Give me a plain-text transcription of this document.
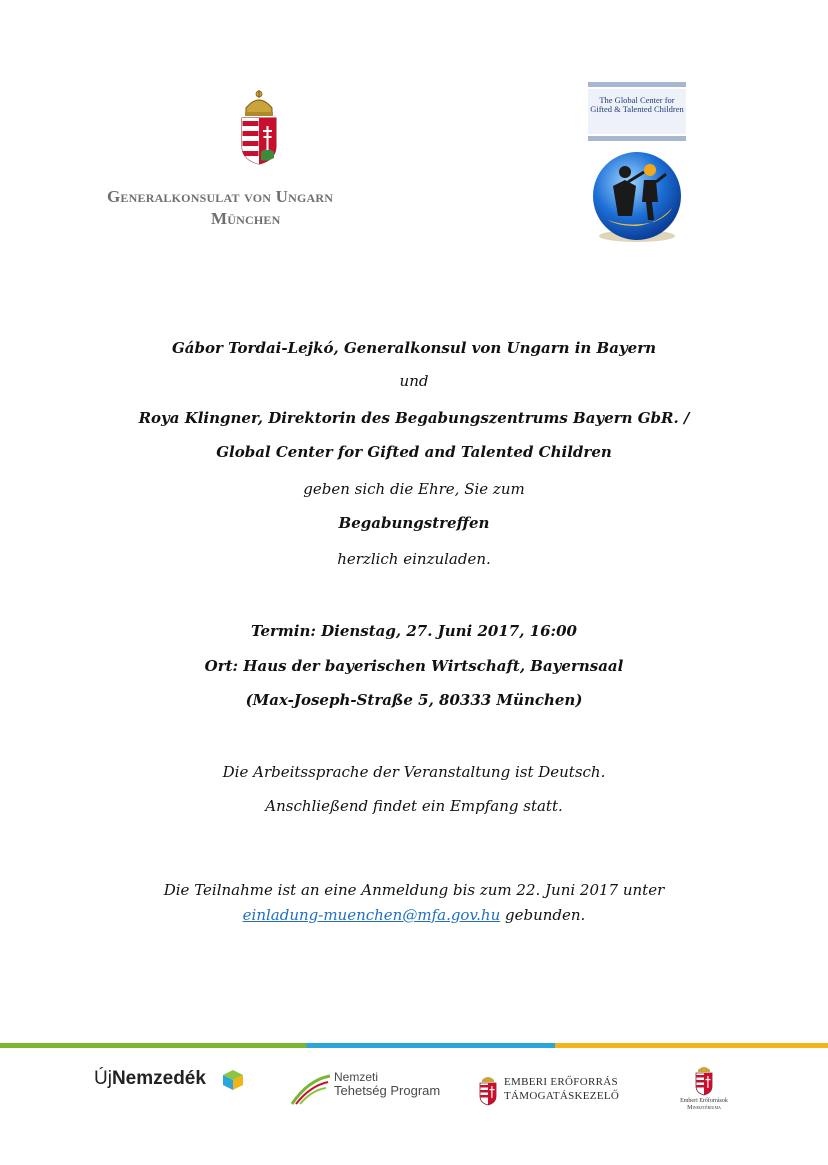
Generalkonsulat von Ungarn
München
The Global Center for Gifted & Talented Children
Gábor Tordai-Lejkó, Generalkonsul von Ungarn in Bayern
und
Roya Klingner, Direktorin des Begabungszentrums Bayern GbR. /
Global Center for Gifted and Talented Children
geben sich die Ehre, Sie zum
Begabungstreffen
herzlich einzuladen.
Termin: Dienstag, 27. Juni 2017, 16:00
Ort: Haus der bayerischen Wirtschaft, Bayernsaal
(Max-Joseph-Straße 5, 80333 München)
Die Arbeitssprache der Veranstaltung ist Deutsch.
Anschließend findet ein Empfang statt.
Die Teilnahme ist an eine Anmeldung bis zum 22. Juni 2017 unter
einladung-muenchen@mfa.gov.hu gebunden.
ÚjNemzedék	Nemzeti
Tehetség Program
EMBERI ERŐFORRÁS
TÁMOGATÁSKEZELŐ	Emberi Erőforrások
Minisztériuma
